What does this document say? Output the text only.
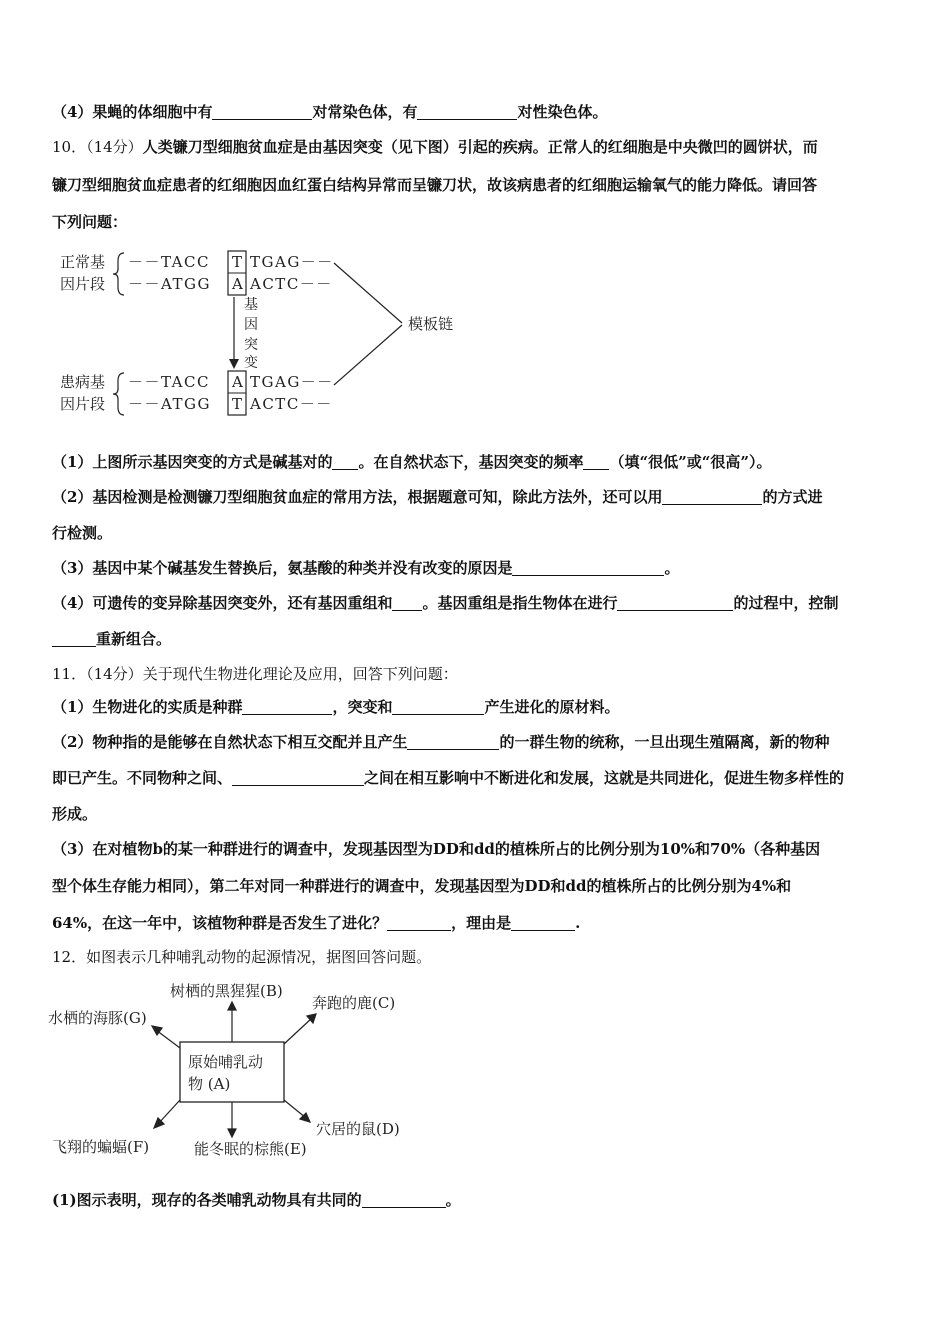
（4）果蝇的体细胞中有	对常染色体，有	对性染色体。
10．（14分）人类镰刀型细胞贫血症是由基因突变（见下图）引起的疾病。正常人的红细胞是中央微凹的圆饼状，而
镰刀型细胞贫血症患者的红细胞因血红蛋白结构异常而呈镰刀状，故该病患者的红细胞运输氧气的能力降低。请回答
下列问题：
正常基
因片段
患病基
因片段
－－TACC T TGAG－－
－－ATGG A ACTC－－
－－TACC A TGAG－－
－－ATGG T ACTC－－
基
因
突
变
模板链
（1）上图所示基因突变的方式是碱基对的 。在自然状态下，基因突变的频率 （填“很低”或“很高”）。
（2）基因检测是检测镰刀型细胞贫血症的常用方法，根据题意可知，除此方法外，还可以用	的方式进
行检测。
（3）基因中某个碱基发生替换后，氨基酸的种类并没有改变的原因是	。
（4）可遗传的变异除基因突变外，还有基因重组和 。基因重组是指生物体在进行	的过程中，控制
重新组合。
11．（14分）关于现代生物进化理论及应用，回答下列问题：
（1）生物进化的实质是种群	，突变和	产生进化的原材料。
（2）物种指的是能够在自然状态下相互交配并且产生	的一群生物的统称，一旦出现生殖隔离，新的物种
即已产生。不同物种之间、	之间在相互影响中不断进化和发展，这就是共同进化，促进生物多样性的
形成。
（3）在对植物b的某一种群进行的调查中，发现基因型为DD和dd的植株所占的比例分别为10%和70%（各种基因
型个体生存能力相同），第二年对同一种群进行的调查中，发现基因型为DD和dd的植株所占的比例分别为4%和
64%，在这一年中，该植物种群是否发生了进化？	，理由是	.
12．如图表示几种哺乳动物的起源情况，据图回答问题。
原始哺乳动
物 (A)
树栖的黑猩猩(B)
奔跑的鹿(C)
水栖的海豚(G)
穴居的鼠(D)
飞翔的蝙蝠(F)	能冬眠的棕熊(E)
(1)图示表明，现存的各类哺乳动物具有共同的	。
